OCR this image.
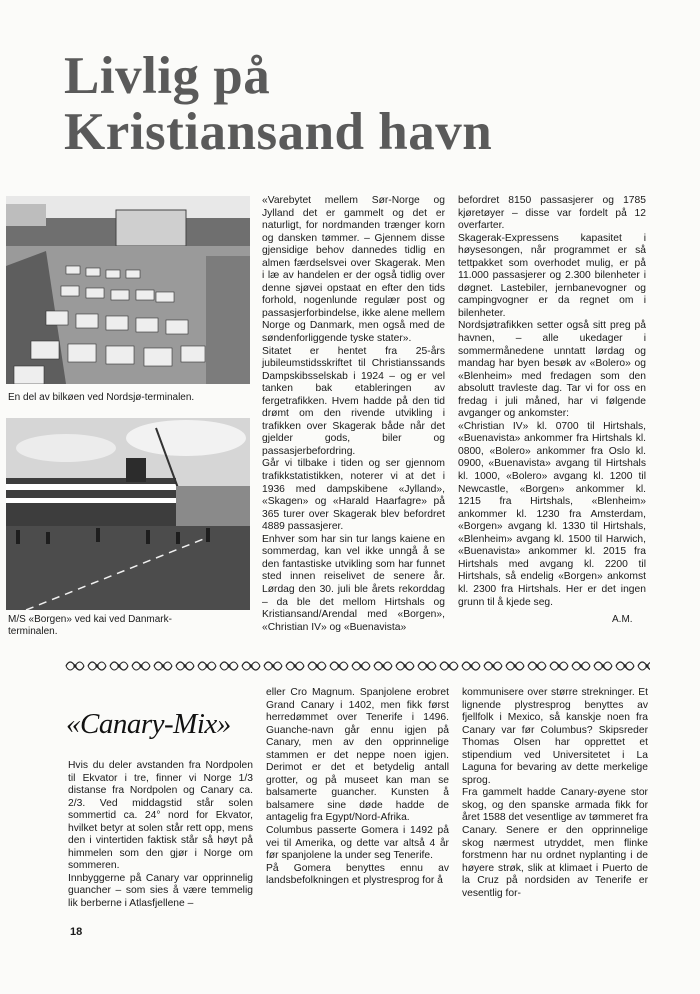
Livlig på
Kristiansand havn
En del av bilkøen ved Nordsjø-terminalen.
M/S «Borgen» ved kai ved Danmark-terminalen.

«Varebytet mellem Sør-Norge og Jylland det er gammelt og det er naturligt, for nordmanden trænger korn og dansken tømmer. – Gjennem disse gjensidige behov dannedes tidlig en almen færdselsvei over Skagerak. Men i læ av handelen er der også tidlig over denne sjøvei opstaat en efter den tids forhold, nogenlunde regulær post og passasjerforbindelse, ikke alene mellem Norge og Danmark, men også med de søndenforliggende tyske stater».

Sitatet er hentet fra 25-års jubileumstidsskriftet til Christianssands Dampskibsselskab i 1924 – og er vel tanken bak etableringen av fergetrafikken. Hvem hadde på den tid drømt om den rivende utvikling i trafikken over Skagerak både når det gjelder gods, biler og passasjerbefordring.

Går vi tilbake i tiden og ser gjennom trafikkstatistikken, noterer vi at det i 1936 med dampskibene «Jylland», «Skagen» og «Harald Haarfagre» på 365 turer over Skagerak blev befordret 4889 passasjerer.

Enhver som har sin tur langs kaiene en sommerdag, kan vel ikke unngå å se den fantastiske utvikling som har funnet sted innen reiselivet de senere år. Lørdag den 30. juli ble årets rekorddag – da ble det mellom Hirtshals og Kristiansand/Arendal med «Borgen», «Christian IV» og «Buenavista»

befordret 8150 passasjerer og 1785 kjøretøyer – disse var fordelt på 12 overfarter.

Skagerak-Expressens kapasitet i høysesongen, når programmet er så tettpakket som overhodet mulig, er på 11.000 passasjerer og 2.300 bilenheter i døgnet. Lastebiler, jernbanevogner og campingvogner er da regnet om i bilenheter.

Nordsjøtrafikken setter også sitt preg på havnen, – alle ukedager i sommermånedene unntatt lørdag og mandag har byen besøk av «Bolero» og «Blenheim» med fredagen som den absolutt travleste dag. Tar vi for oss en fredag i juli måned, har vi følgende avganger og ankomster:

«Christian IV» kl. 0700 til Hirtshals, «Buenavista» ankommer fra Hirtshals kl. 0800, «Bolero» ankommer fra Oslo kl. 0900, «Buenavista» avgang til Hirtshals kl. 1000, «Bolero» avgang kl. 1200 til Newcastle, «Borgen» ankommer kl. 1215 fra Hirtshals, «Blenheim» ankommer kl. 1230 fra Amsterdam, «Borgen» avgang kl. 1330 til Hirtshals, «Blenheim» avgang kl. 1500 til Harwich, «Buenavista» ankommer kl. 2015 fra Hirtshals med avgang kl. 2200 til Hirtshals, så endelig «Borgen» ankomst kl. 2300 fra Hirtshals. Her er det ingen grunn til å kjede seg.

A.M.
«Canary-Mix»

Hvis du deler avstanden fra Nordpolen til Ekvator i tre, finner vi Norge 1/3 distanse fra Nordpolen og Canary ca. 2/3. Ved middagstid står solen sommertid ca. 24° nord for Ekvator, hvilket betyr at solen står rett opp, mens den i vintertiden faktisk står så høyt på himmelen som den gjør i Norge om sommeren.

Innbyggerne på Canary var opprinnelig guancher – som sies å være temmelig lik berberne i Atlasfjellene –

eller Cro Magnum. Spanjolene erobret Grand Canary i 1402, men fikk først herredømmet over Tenerife i 1496. Guanche-navn går ennu igjen på Canary, men av den opprinnelige stammen er det neppe noen igjen. Derimot er det et betydelig antall grotter, og på museet kan man se balsamerte guancher. Kunsten å balsamere sine døde hadde de antagelig fra Egypt/Nord-Afrika.

Columbus passerte Gomera i 1492 på vei til Amerika, og dette var altså 4 år før spanjolene la under seg Tenerife.

På Gomera benyttes ennu av landsbefolkningen et plystresprog for å

kommunisere over større strekninger. Et lignende plystresprog benyttes av fjellfolk i Mexico, så kanskje noen fra Canary var før Columbus? Skipsreder Thomas Olsen har opprettet et stipendium ved Universitetet i La Laguna for bevaring av dette merkelige sprog.

Fra gammelt hadde Canary-øyene stor skog, og den spanske armada fikk for året 1588 det vesentlige av tømmeret fra Canary. Senere er den opprinnelige skog nærmest utryddet, men flinke forstmenn har nu ordnet nyplanting i de høyere strøk, slik at klimaet i Puerto de la Cruz på nordsiden av Tenerife er vesentlig for-

18
